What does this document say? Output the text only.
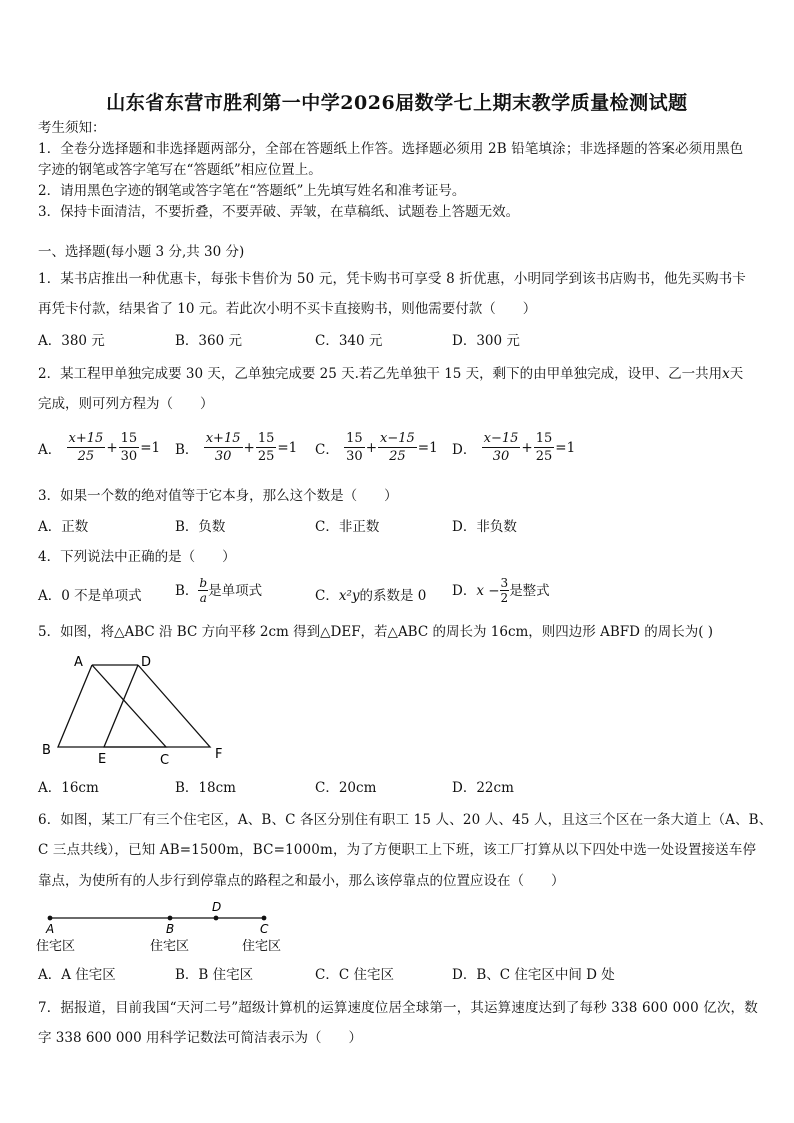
山东省东营市胜利第一中学2026届数学七上期末教学质量检测试题
考生须知：
1．全卷分选择题和非选择题两部分，全部在答题纸上作答。选择题必须用 2B 铅笔填涂；非选择题的答案必须用黑色
字迹的钢笔或答字笔写在“答题纸”相应位置上。
2．请用黑色字迹的钢笔或答字笔在“答题纸”上先填写姓名和准考证号。
3．保持卡面清洁，不要折叠，不要弄破、弄皱，在草稿纸、试题卷上答题无效。
一、选择题(每小题 3 分,共 30 分)
1．某书店推出一种优惠卡，每张卡售价为 50 元，凭卡购书可享受 8 折优惠，小明同学到该书店购书，他先买购书卡
再凭卡付款，结果省了 10 元。若此次小明不买卡直接购书，则他需要付款（　　）
A．380 元	B．360 元	C．340 元	D．300 元
2．某工程甲单独完成要 30 天，乙单独完成要 25 天.若乙先单独干 15 天，剩下的由甲单独完成，设甲、乙一共用x天
完成，则可列方程为（　　）
A． $\frac{x+15}{25} + \frac{15}{30} =1$ B． $\frac{x+15}{30} + \frac{15}{25} =1$ C． $\frac{15}{30} + \frac{x-15}{25} =1$ D． $\frac{x-15}{30} + \frac{15}{25} =1$
3．如果一个数的绝对值等于它本身，那么这个数是（　　）
A．正数	B．负数	C．非正数	D．非负数
4．下列说法中正确的是（　　）
A．0 不是单项式 B． $\frac{b}{a}$ 是单项式	C．x²y的系数是 0 D．$x - \frac{3}{2}$ 是整式
5．如图，将△ABC 沿 BC 方向平移 2cm 得到△DEF，若△ABC 的周长为 16cm，则四边形 ABFD 的周长为( )
A	D
B
E	C	F
A．16cm	B．18cm	C．20cm	D．22cm
6．如图，某工厂有三个住宅区，A、B、C 各区分别住有职工 15 人、20 人、45 人，且这三个区在一条大道上（A、B、
C 三点共线），已知 AB=1500m，BC=1000m，为了方便职工上下班，该工厂打算从以下四处中选一处设置接送车停
靠点，为使所有的人步行到停靠点的路程之和最小，那么该停靠点的位置应设在（　　）
A	B
D
C
住宅区	住宅区	住宅区
A．A 住宅区	B．B 住宅区	C．C 住宅区	D．B、C 住宅区中间 D 处
7．据报道，目前我国“天河二号”超级计算机的运算速度位居全球第一，其运算速度达到了每秒 338 600 000 亿次，数
字 338 600 000 用科学记数法可简洁表示为（　　）
